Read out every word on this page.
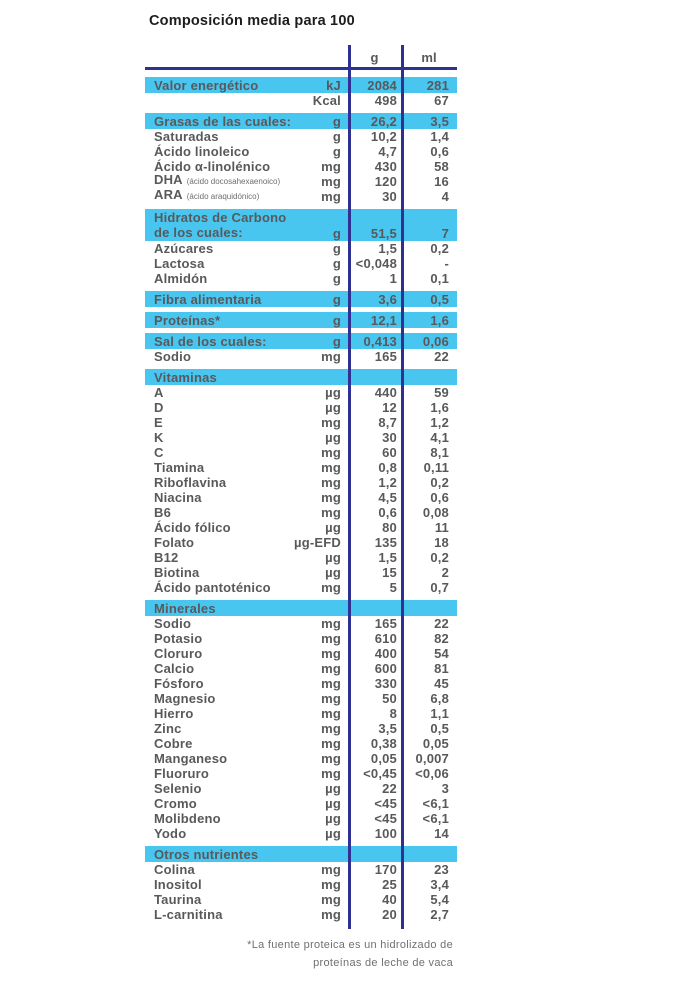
Composición media para 100
g	ml
Valor energético	kJ	2084	281
Kcal	498	67
Grasas de las cuales:	g	26,2	3,5
Saturadas	g	10,2	1,4
Ácido linoleico	g	4,7	0,6
Ácido α-linolénico	mg	430	58
DHA (ácido docosahexaenoico)	mg	120	16
ARA (ácido araquidónico)	mg	30	4
Hidratos de Carbono
de los cuales:	g	51,5	7
Azúcares	g	1,5	0,2
Lactosa	g	<0,048	-
Almidón	g	1	0,1
Fibra alimentaria	g	3,6	0,5
Proteínas*	g	12,1	1,6
Sal de los cuales:	g	0,413	0,06
Sodio	mg	165	22
Vitaminas
A	µg	440	59
D	µg	12	1,6
E	mg	8,7	1,2
K	µg	30	4,1
C	mg	60	8,1
Tiamina	mg	0,8	0,11
Riboflavina	mg	1,2	0,2
Niacina	mg	4,5	0,6
B6	mg	0,6	0,08
Ácido fólico	µg	80	11
Folato	µg-EFD	135	18
B12	µg	1,5	0,2
Biotina	µg	15	2
Ácido pantoténico	mg	5	0,7
Minerales
Sodio	mg	165	22
Potasio	mg	610	82
Cloruro	mg	400	54
Calcio	mg	600	81
Fósforo	mg	330	45
Magnesio	mg	50	6,8
Hierro	mg	8	1,1
Zinc	mg	3,5	0,5
Cobre	mg	0,38	0,05
Manganeso	mg	0,05	0,007
Fluoruro	mg	<0,45	<0,06
Selenio	µg	22	3
Cromo	µg	<45	<6,1
Molibdeno	µg	<45	<6,1
Yodo	µg	100	14
Otros nutrientes
Colina	mg	170	23
Inositol	mg	25	3,4
Taurina	mg	40	5,4
L-carnitina	mg	20	2,7
*La fuente proteica es un hidrolizado de
proteínas de leche de vaca
